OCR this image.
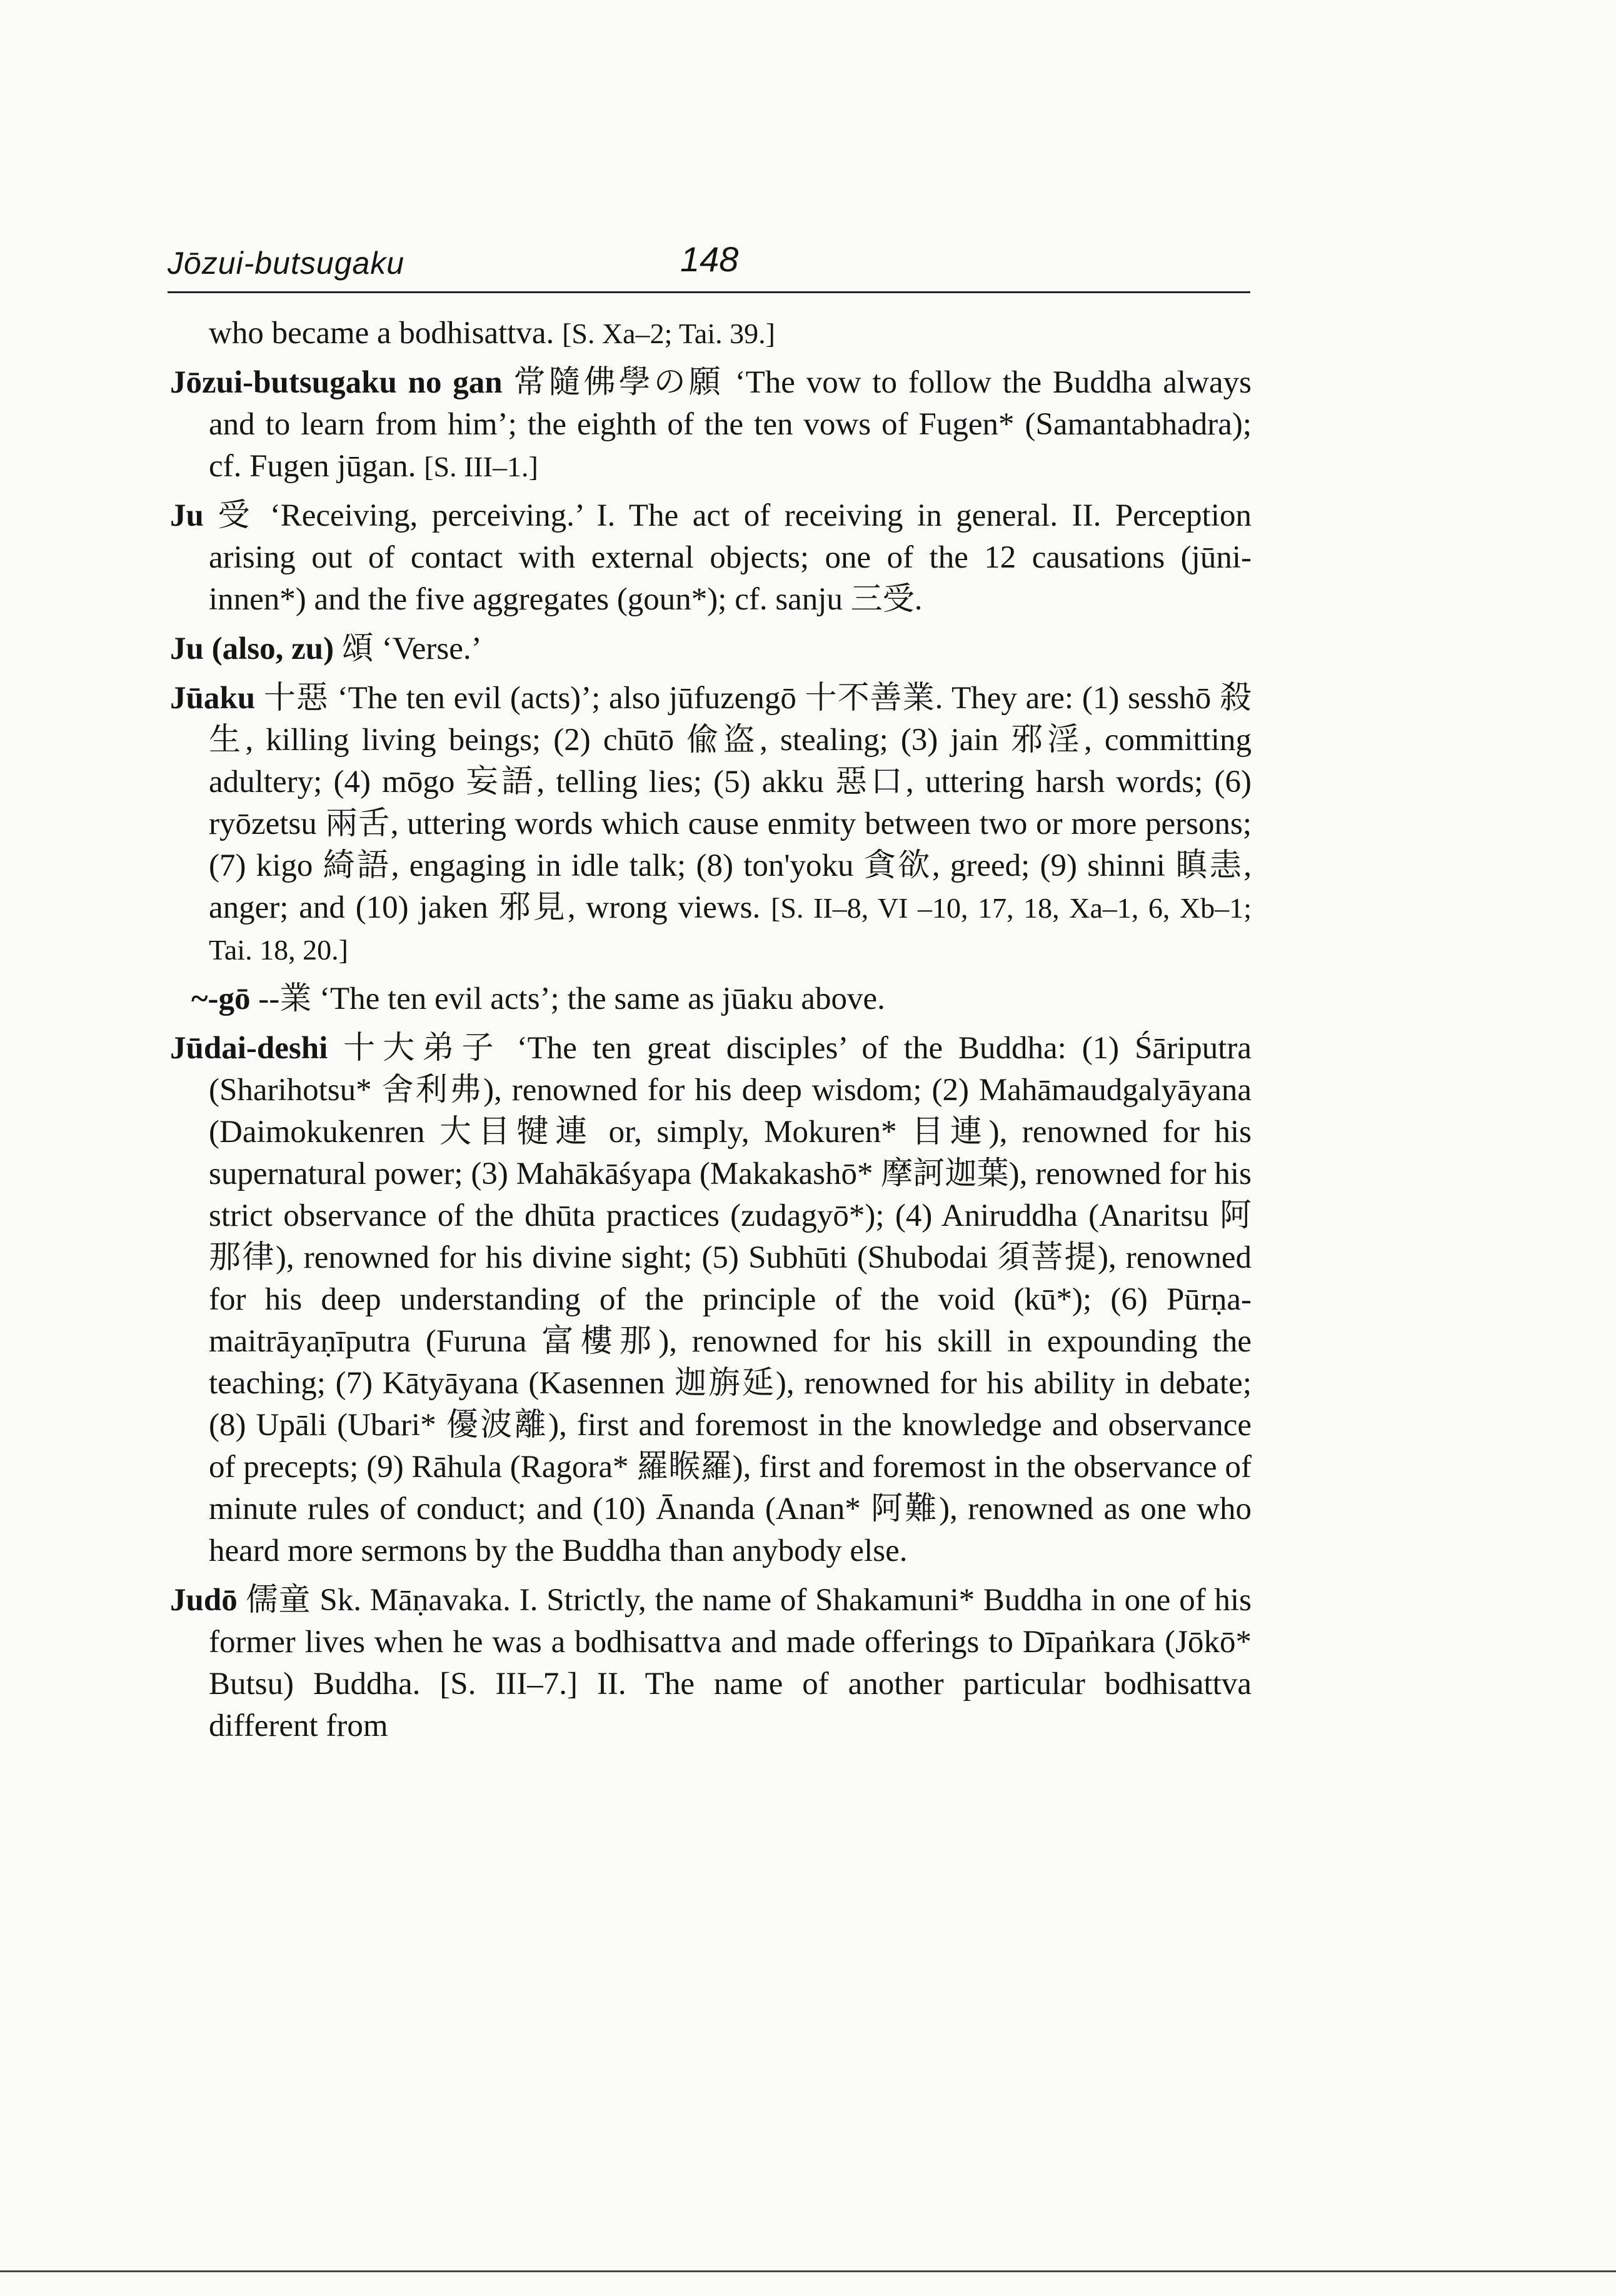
Jōzui-butsugaku	148
who became a bodhisattva. [S. Xa–2; Tai. 39.]
Jōzui-butsugaku no gan 常隨佛學の願 ‘The vow to follow the Buddha always and to learn from him’; the eighth of the ten vows of Fugen* (Samantabhadra); cf. Fugen jūgan. [S. III–1.]
Ju 受 ‘Receiving, perceiving.’ I. The act of receiving in general. II. Perception arising out of contact with external objects; one of the 12 causations (jūni-innen*) and the five aggregates (goun*); cf. sanju 三受.
Ju (also, zu) 頌 ‘Verse.’
Jūaku 十惡 ‘The ten evil (acts)’; also jūfuzengō 十不善業. They are: (1) sesshō 殺生, killing living beings; (2) chūtō 偸盗, stealing; (3) jain 邪淫, committing adultery; (4) mōgo 妄語, telling lies; (5) akku 惡口, uttering harsh words; (6) ryōzetsu 兩舌, uttering words which cause enmity between two or more persons; (7) kigo 綺語, engaging in idle talk; (8) ton'yoku 貪欲, greed; (9) shinni 瞋恚, anger; and (10) jaken 邪見, wrong views. [S. II–8, VI –10, 17, 18, Xa–1, 6, Xb–1; Tai. 18, 20.]
~-gō --業 ‘The ten evil acts’; the same as jūaku above.
Jūdai-deshi 十大弟子 ‘The ten great disciples’ of the Buddha: (1) Śāriputra (Sharihotsu* 舍利弗), renowned for his deep wisdom; (2) Mahāmaudgalyāyana (Daimokukenren 大目犍連 or, simply, Mokuren* 目連), renowned for his supernatural power; (3) Mahākāśyapa (Makakashō* 摩訶迦葉), renowned for his strict observance of the dhūta practices (zudagyō*); (4) Aniruddha (Anaritsu 阿那律), renowned for his divine sight; (5) Subhūti (Shubodai 須菩提), renowned for his deep understanding of the principle of the void (kū*); (6) Pūrṇa-maitrāyaṇīputra (Furuna 富樓那), renowned for his skill in expounding the teaching; (7) Kātyāyana (Kasennen 迦旃延), renowned for his ability in debate; (8) Upāli (Ubari* 優波離), first and foremost in the knowledge and observance of precepts; (9) Rāhula (Ragora* 羅睺羅), first and foremost in the observance of minute rules of conduct; and (10) Ānanda (Anan* 阿難), renowned as one who heard more sermons by the Buddha than anybody else.
Judō 儒童 Sk. Māṇavaka. I. Strictly, the name of Shakamuni* Buddha in one of his former lives when he was a bodhisattva and made offerings to Dīpaṅkara (Jōkō* Butsu) Buddha. [S. III–7.] II. The name of another particular bodhisattva different from
